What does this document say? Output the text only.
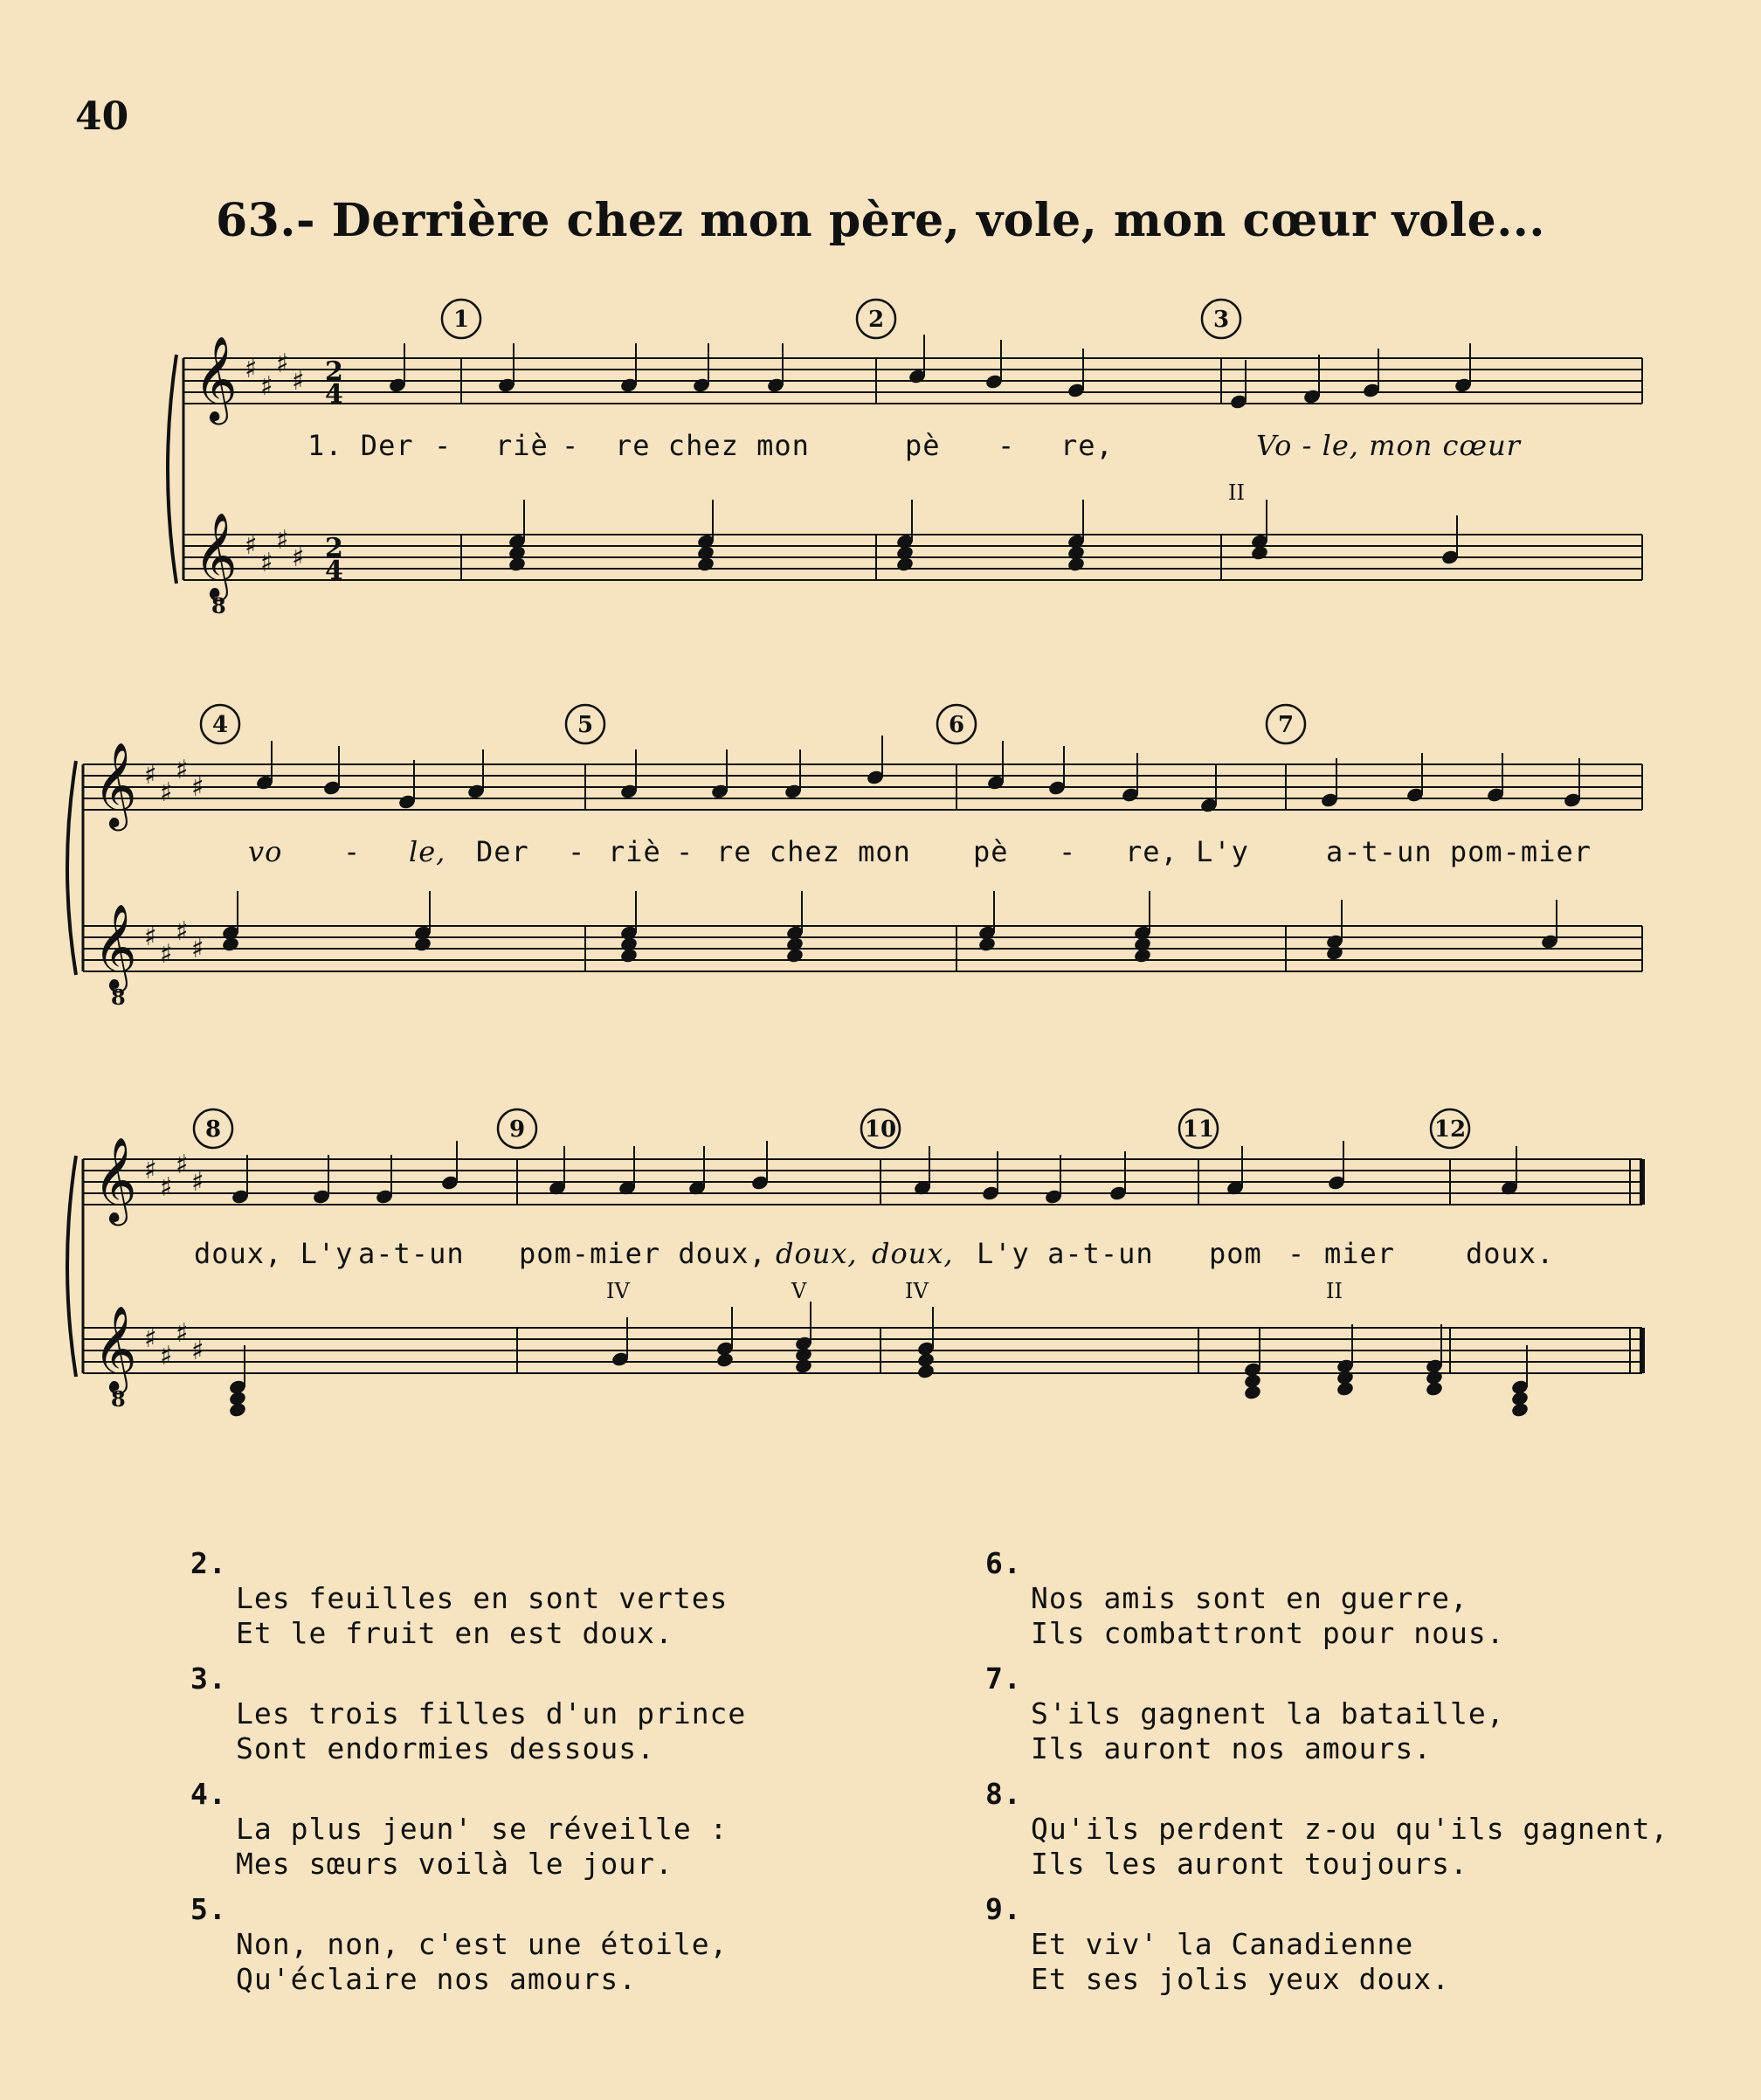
40
63.- Derrière chez mon père, vole, mon cœur vole...
𝄞 ♯
♯
♯
♯
𝄞 ♯
♯
♯
♯
8
𝄞 ♯
♯
♯
♯
𝄞 ♯
♯
♯
♯
8
𝄞 ♯
♯
♯
♯
𝄞 ♯
♯
♯
♯
8
2
4
2
4
1	2	3
4	5	6	7
8	9	10	11	12
1. Der - riè - re chez mon	pè - re,	Vo - le, mon cœur
vo - le, Der - riè - re chez mon pè - re, L'y	a-t-un pom-mier
doux, L'y a-t-un pom-mier doux, doux, doux, L'y a-t-un pom - mier	doux.
II
IV	V	IV	II
2.
Les feuilles en sont vertes
Et le fruit en est doux.
3.
Les trois filles d'un prince
Sont endormies dessous.
4.
La plus jeun' se réveille :
Mes sœurs voilà le jour.
5.
Non, non, c'est une étoile,
Qu'éclaire nos amours.
6.
Nos amis sont en guerre,
Ils combattront pour nous.
7.
S'ils gagnent la bataille,
Ils auront nos amours.
8.
Qu'ils perdent z-ou qu'ils gagnent,
Ils les auront toujours.
9.
Et viv' la Canadienne
Et ses jolis yeux doux.
